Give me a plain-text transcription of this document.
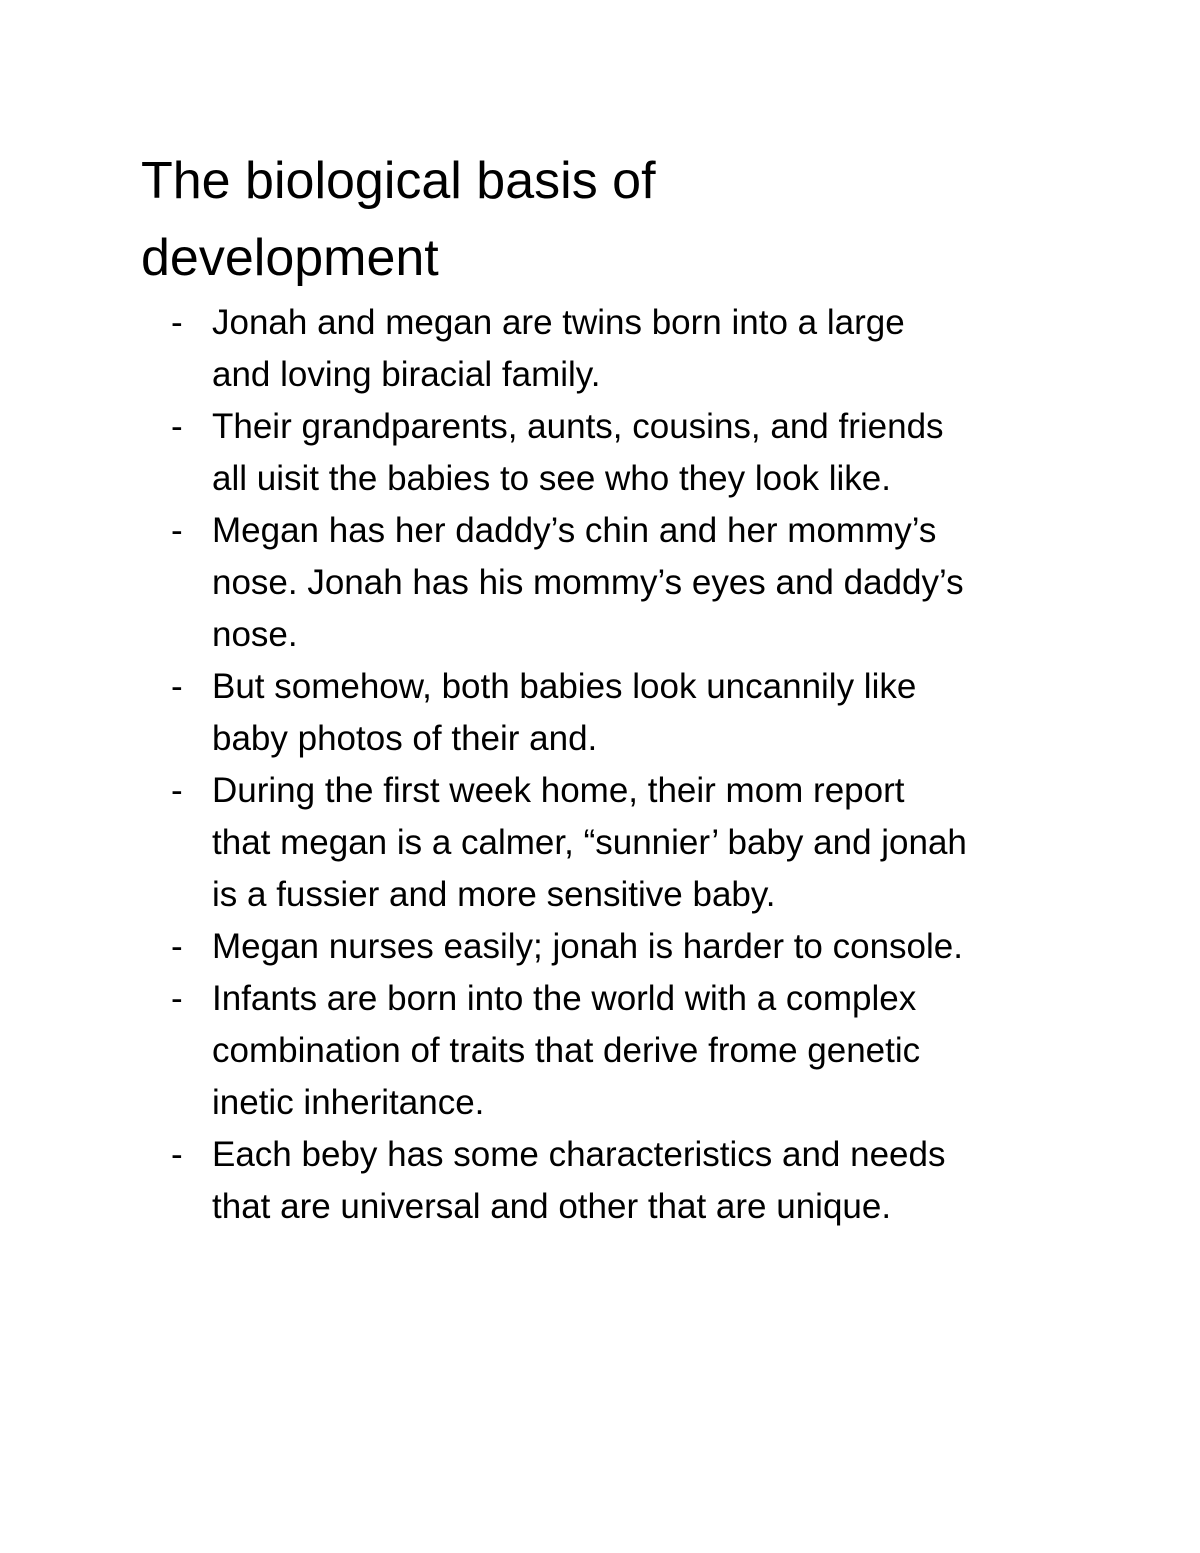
The biological basis of
development
- Jonah and megan are twins born into a large
and loving biracial family.
- Their grandparents, aunts, cousins, and friends
all uisit the babies to see who they look like.
- Megan has her daddy’s chin and her mommy’s
nose. Jonah has his mommy’s eyes and daddy’s
nose.
- But somehow, both babies look uncannily like
baby photos of their and.
- During the first week home, their mom report
that megan is a calmer, “sunnier’ baby and jonah
is a fussier and more sensitive baby.
- Megan nurses easily; jonah is harder to console.
- Infants are born into the world with a complex
combination of traits that derive frome genetic
inetic inheritance.
- Each beby has some characteristics and needs
that are universal and other that are unique.
